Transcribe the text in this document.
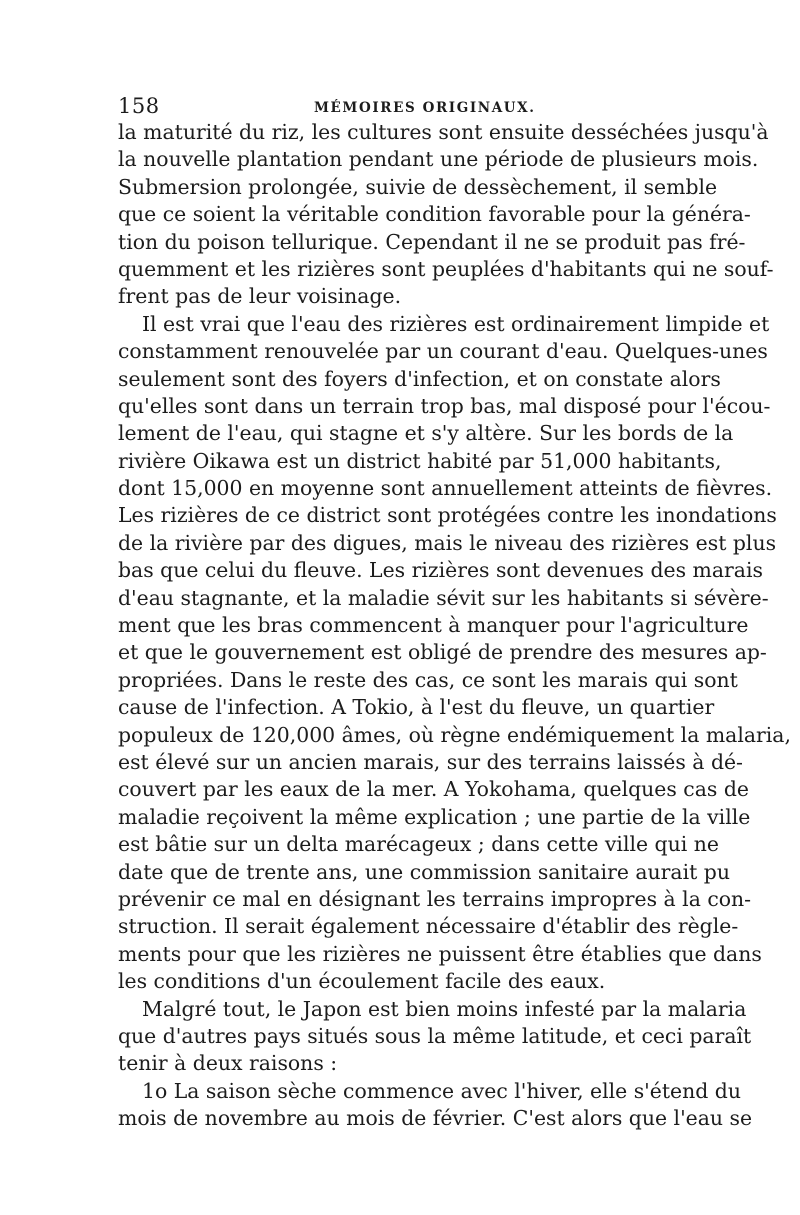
158	MÉMOIRES ORIGINAUX.
la maturité du riz, les cultures sont ensuite desséchées jusqu'à
la nouvelle plantation pendant une période de plusieurs mois.
Submersion prolongée, suivie de dessèchement, il semble
que ce soient la véritable condition favorable pour la généra-
tion du poison tellurique. Cependant il ne se produit pas fré-
quemment et les rizières sont peuplées d'habitants qui ne souf-
frent pas de leur voisinage.
Il est vrai que l'eau des rizières est ordinairement limpide et
constamment renouvelée par un courant d'eau. Quelques-unes
seulement sont des foyers d'infection, et on constate alors
qu'elles sont dans un terrain trop bas, mal disposé pour l'écou-
lement de l'eau, qui stagne et s'y altère. Sur les bords de la
rivière Oikawa est un district habité par 51,000 habitants,
dont 15,000 en moyenne sont annuellement atteints de fièvres.
Les rizières de ce district sont protégées contre les inondations
de la rivière par des digues, mais le niveau des rizières est plus
bas que celui du fleuve. Les rizières sont devenues des marais
d'eau stagnante, et la maladie sévit sur les habitants si sévère-
ment que les bras commencent à manquer pour l'agriculture
et que le gouvernement est obligé de prendre des mesures ap-
propriées. Dans le reste des cas, ce sont les marais qui sont
cause de l'infection. A Tokio, à l'est du fleuve, un quartier
populeux de 120,000 âmes, où règne endémiquement la malaria,
est élevé sur un ancien marais, sur des terrains laissés à dé-
couvert par les eaux de la mer. A Yokohama, quelques cas de
maladie reçoivent la même explication ; une partie de la ville
est bâtie sur un delta marécageux ; dans cette ville qui ne
date que de trente ans, une commission sanitaire aurait pu
prévenir ce mal en désignant les terrains impropres à la con-
struction. Il serait également nécessaire d'établir des règle-
ments pour que les rizières ne puissent être établies que dans
les conditions d'un écoulement facile des eaux.
Malgré tout, le Japon est bien moins infesté par la malaria
que d'autres pays situés sous la même latitude, et ceci paraît
tenir à deux raisons :
1o La saison sèche commence avec l'hiver, elle s'étend du
mois de novembre au mois de février. C'est alors que l'eau se
